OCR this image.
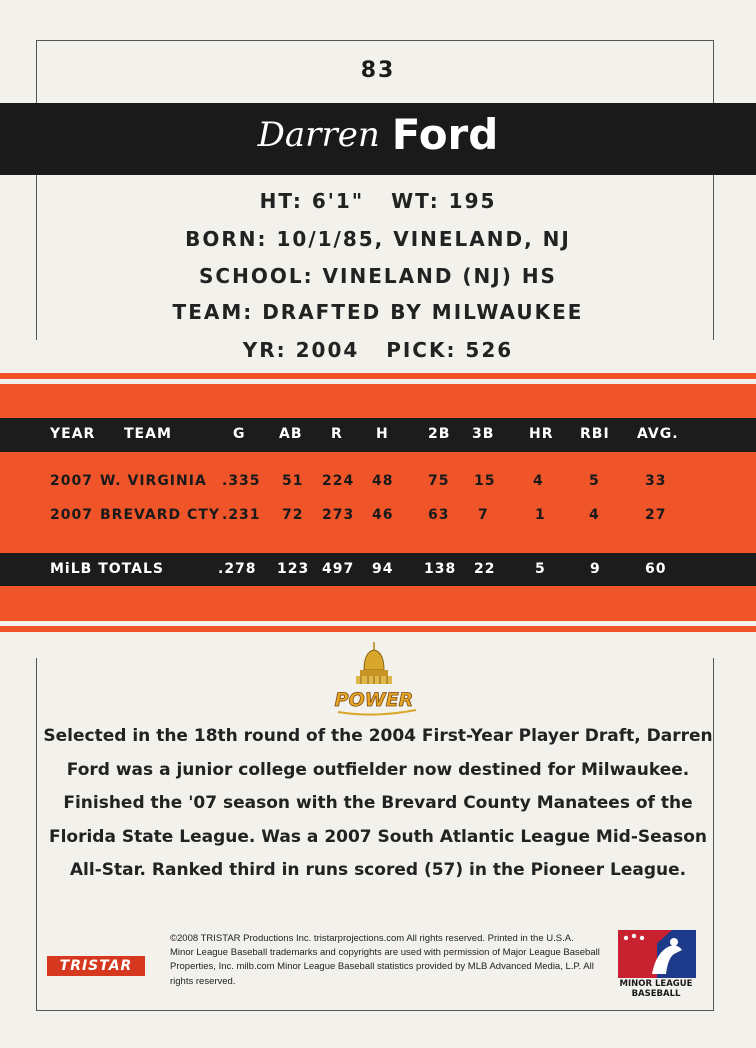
83
Darren Ford
HT: 6'1"   WT: 195
BORN: 10/1/85, VINELAND, NJ
SCHOOL: VINELAND (NJ) HS
TEAM: DRAFTED BY MILWAUKEE
YR: 2004   PICK: 526
YEAR TEAM	G AB R H	2B 3B HR RBI AVG.
2007 W. VIRGINIA .335 51 224 48 75 15	4	5	33
2007 BREVARD CTY .231 72 273 46 63 7	1	4	27
MiLB TOTALS	.278 123 497 94 138 22	5	9	60
POWER
Selected in the 18th round of the 2004 First-Year Player Draft, Darren Ford was a junior college outfielder now destined for Milwaukee. Finished the '07 season with the Brevard County Manatees of the Florida State League. Was a 2007 South Atlantic League Mid-Season All-Star. Ranked third in runs scored (57) in the Pioneer League.
TRISTAR
©2008 TRISTAR Productions Inc. tristarprojections.com All rights reserved. Printed in the U.S.A. Minor League Baseball trademarks and copyrights are used with permission of Major League Baseball Properties, Inc. milb.com Minor League Baseball statistics provided by MLB Advanced Media, L.P. All rights reserved.	MINOR LEAGUE
BASEBALL
